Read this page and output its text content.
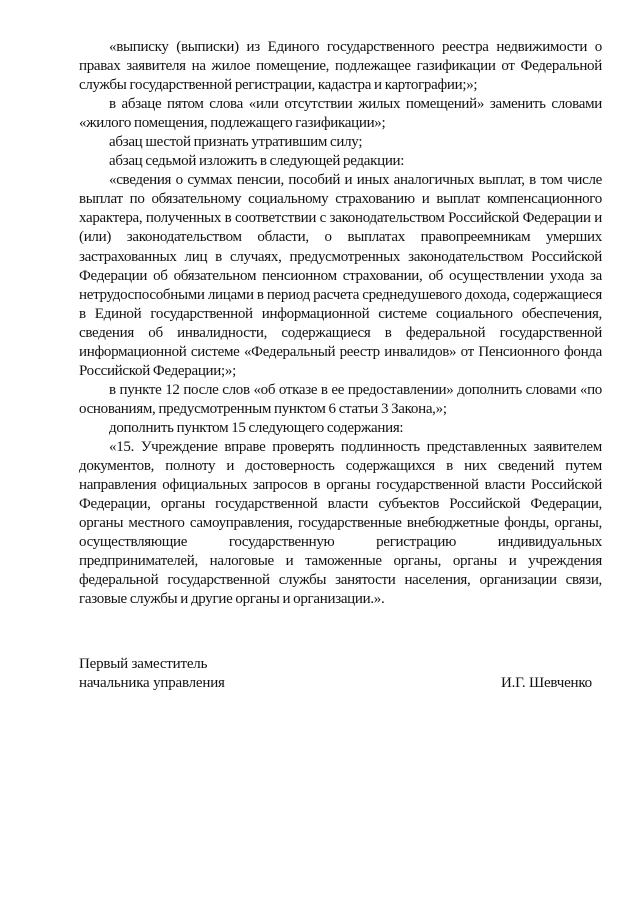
«выписку (выписки) из Единого государственного реестра недвижимости о правах заявителя на жилое помещение, подлежащее газификации от Федеральной службы государственной регистрации, кадастра и картографии;»;

в абзаце пятом слова «или отсутствии жилых помещений» заменить словами «жилого помещения, подлежащего газификации»;

абзац шестой признать утратившим силу;

абзац седьмой изложить в следующей редакции:

«сведения о суммах пенсии, пособий и иных аналогичных выплат, в том числе выплат по обязательному социальному страхованию и выплат компенсационного характера, полученных в соответствии с законодательством Российской Федерации и (или) законодательством области, о выплатах правопреемникам умерших застрахованных лиц в случаях, предусмотренных законодательством Российской Федерации об обязательном пенсионном страховании, об осуществлении ухода за нетрудоспособными лицами в период расчета среднедушевого дохода, содержащиеся в Единой государственной информационной системе социального обеспечения, сведения об инвалидности, содержащиеся в федеральной государственной информационной системе «Федеральный реестр инвалидов» от Пенсионного фонда Российской Федерации;»;

в пункте 12 после слов «об отказе в ее предоставлении» дополнить словами «по основаниям, предусмотренным пунктом 6 статьи 3 Закона,»;

дополнить пунктом 15 следующего содержания:

«15. Учреждение вправе проверять подлинность представленных заявителем документов, полноту и достоверность содержащихся в них сведений путем направления официальных запросов в органы государственной власти Российской Федерации, органы государственной власти субъектов Российской Федерации, органы местного самоуправления, государственные внебюджетные фонды, органы, осуществляющие государственную регистрацию индивидуальных предпринимателей, налоговые и таможенные органы, органы и учреждения федеральной государственной службы занятости населения, организации связи, газовые службы и другие органы и организации.».

Первый заместитель
начальника управления	И.Г. Шевченко
